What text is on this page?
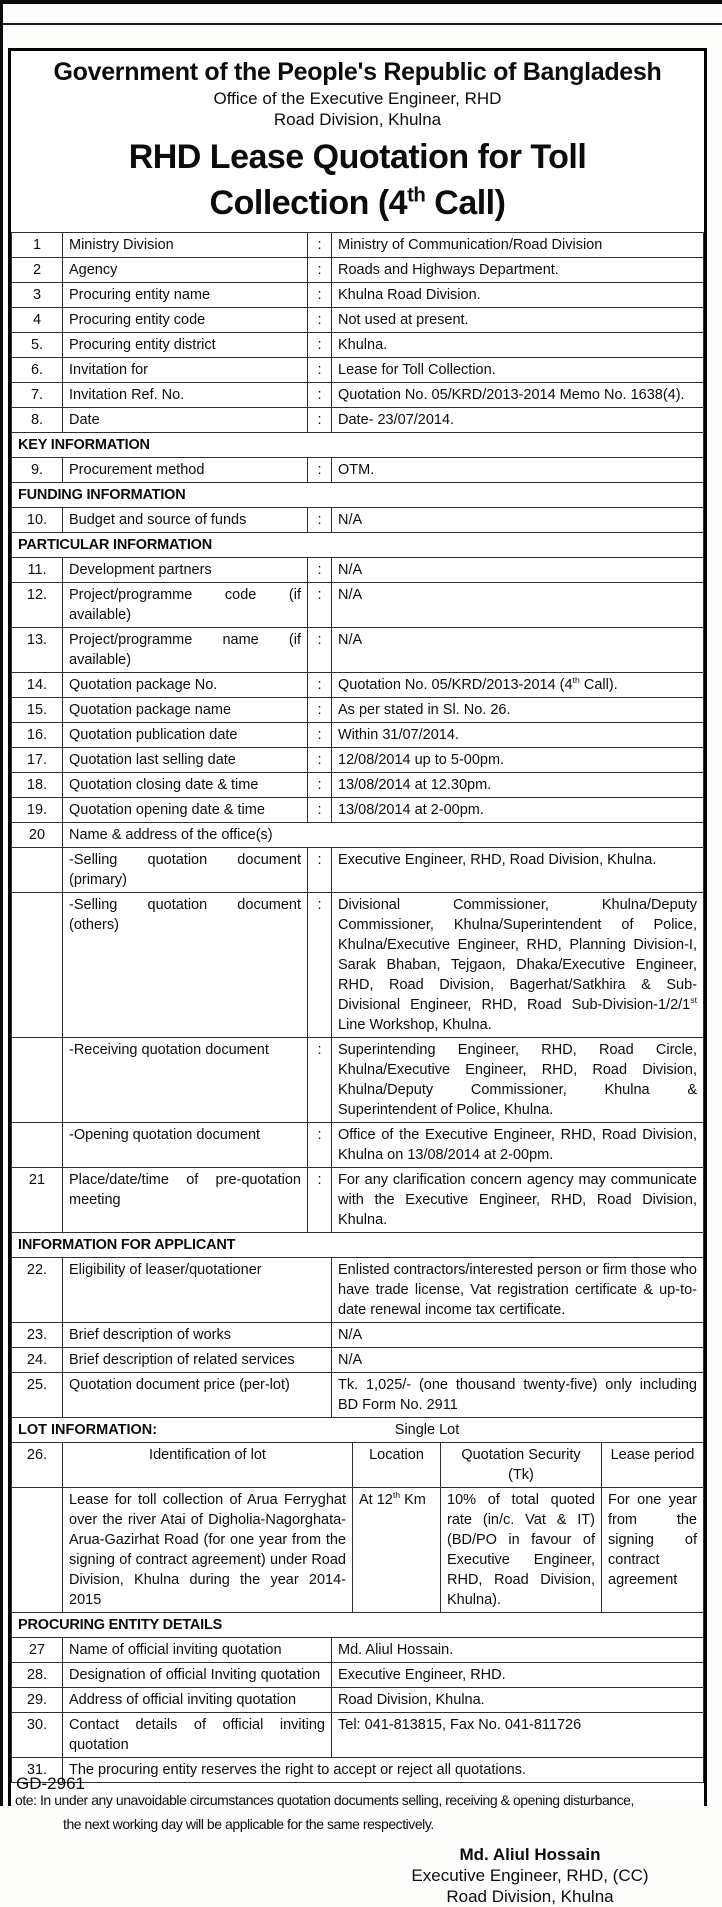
Government of the People's Republic of Bangladesh
Office of the Executive Engineer, RHD
Road Division, Khulna
RHD Lease Quotation for Toll
Collection (4th Call)
1	Ministry Division	:	Ministry of Communication/Road Division			
2	Agency	:	Roads and Highways Department.			
3	Procuring entity name	:	Khulna Road Division.			
4	Procuring entity code	:	Not used at present.			
5.	Procuring entity district	:	Khulna.			
6.	Invitation for	:	Lease for Toll Collection.			
7.	Invitation Ref. No.	:	Quotation No. 05/KRD/2013-2014 Memo No. 1638(4).			
8.	Date	:	Date- 23/07/2014.			
KEY INFORMATION						
9.	Procurement method	:	OTM.			
FUNDING INFORMATION						
10.	Budget and source of funds	:	N/A			
PARTICULAR INFORMATION						
11.	Development partners	:	N/A			
12.	Project/programme code (if available)	:	N/A			
13.	Project/programme name (if available)	:	N/A			
14.	Quotation package No.	:	Quotation No. 05/KRD/2013-2014 (4th Call).			
15.	Quotation package name	:	As per stated in Sl. No. 26.			
16.	Quotation publication date	:	Within 31/07/2014.			
17.	Quotation last selling date	:	12/08/2014 up to 5-00pm.			
18.	Quotation closing date & time	:	13/08/2014 at 12.30pm.			
19.	Quotation opening date & time	:	13/08/2014 at 2-00pm.			
20	Name & address of the office(s)					
	-Selling quotation document (primary)	:	Executive Engineer, RHD, Road Division, Khulna.			
	-Selling quotation document (others)	:	Divisional Commissioner, Khulna/Deputy Commissioner, Khulna/Superintendent of Police, Khulna/Executive Engineer, RHD, Planning Division-I, Sarak Bhaban, Tejgaon, Dhaka/Executive Engineer, RHD, Road Division, Bagerhat/Satkhira & Sub-Divisional Engineer, RHD, Road Sub-Division-1/2/1st Line Workshop, Khulna.			
	-Receiving quotation document	:	Superintending Engineer, RHD, Road Circle, Khulna/Executive Engineer, RHD, Road Division, Khulna/Deputy Commissioner, Khulna & Superintendent of Police, Khulna.			
	-Opening quotation document	:	Office of the Executive Engineer, RHD, Road Division, Khulna on 13/08/2014 at 2-00pm.			
21	Place/date/time of pre-quotation meeting	:	For any clarification concern agency may communicate with the Executive Engineer, RHD, Road Division, Khulna.			
INFORMATION FOR APPLICANT						
22.	Eligibility of leaser/quotationer		Enlisted contractors/interested person or firm those who have trade license, Vat registration certificate & up-to-date renewal income tax certificate.			
23.	Brief description of works		N/A			
24.	Brief description of related services		N/A			
25.	Quotation document price (per-lot)		Tk. 1,025/- (one thousand twenty-five) only including BD Form No. 2911			

LOT INFORMATION: Single Lot						

26.	Identification of lot			Location	Quotation Security (Tk)	Lease period
	Lease for toll collection of Arua Ferryghat over the river Atai of Digholia-Nagorghata-Arua-Gazirhat Road (for one year from the signing of contract agreement) under Road Division, Khulna during the year 2014-2015			At 12th Km	10% of total quoted rate (in/c. Vat & IT) (BD/PO in favour of Executive Engineer, RHD, Road Division, Khulna).	For one year from the signing of contract agreement
PROCURING ENTITY DETAILS						
27	Name of official inviting quotation		Md. Aliul Hossain.			
28.	Designation of official Inviting quotation		Executive Engineer, RHD.			
29.	Address of official inviting quotation		Road Division, Khulna.			
30.	Contact details of official inviting quotation		Tel: 041-813815, Fax No. 041-811726			
31.	The procuring entity reserves the right to accept or reject all quotations.					
ote: In under any unavoidable circumstances quotation documents selling, receiving & opening disturbance,
the next working day will be applicable for the same respectively.
Md. Aliul Hossain
Executive Engineer, RHD, (CC)
Road Division, Khulna
GD-2961
